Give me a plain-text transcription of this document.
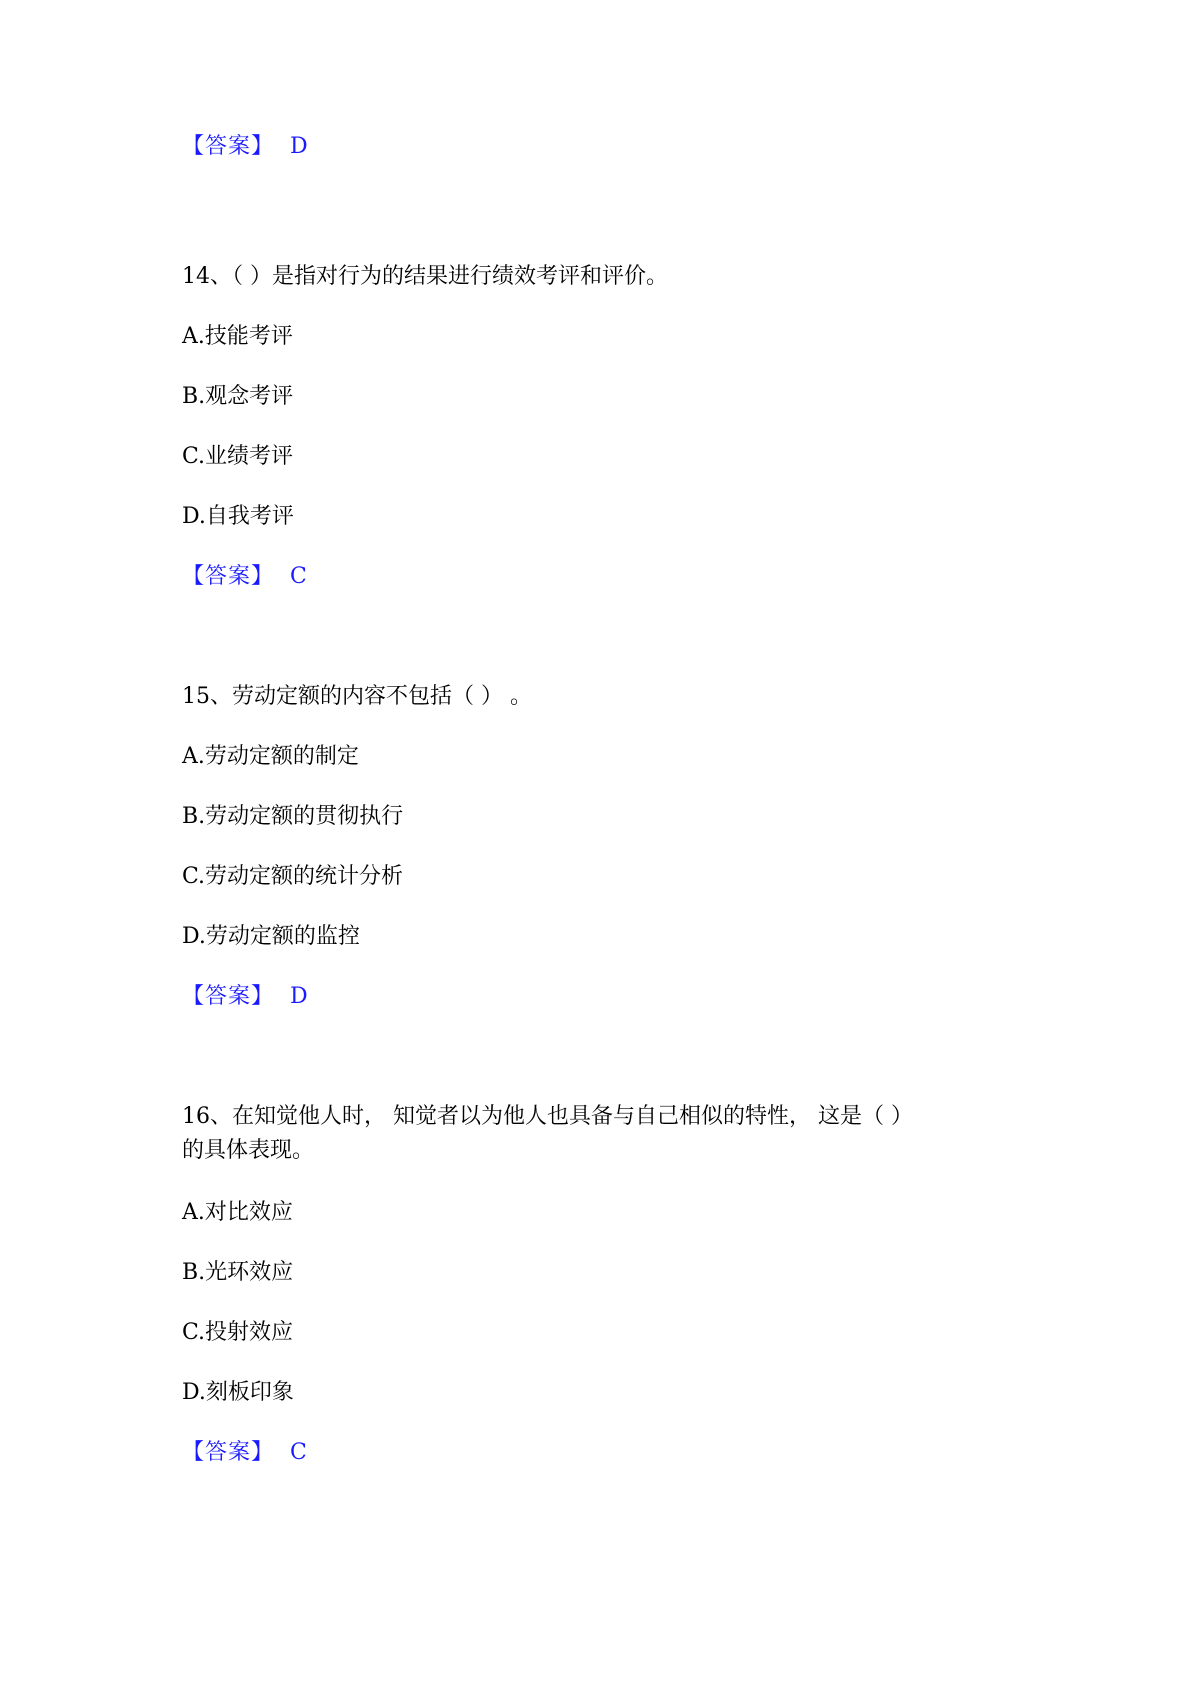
【答案】 D
14、（ ）是指对行为的结果进行绩效考评和评价。
A.技能考评
B.观念考评
C.业绩考评
D.自我考评
【答案】 C
15、劳动定额的内容不包括（ ） 。
A.劳动定额的制定
B.劳动定额的贯彻执行
C.劳动定额的统计分析
D.劳动定额的监控
【答案】 D
16、在知觉他人时， 知觉者以为他人也具备与自己相似的特性， 这是（ ）
的具体表现。
A.对比效应
B.光环效应
C.投射效应
D.刻板印象
【答案】 C
